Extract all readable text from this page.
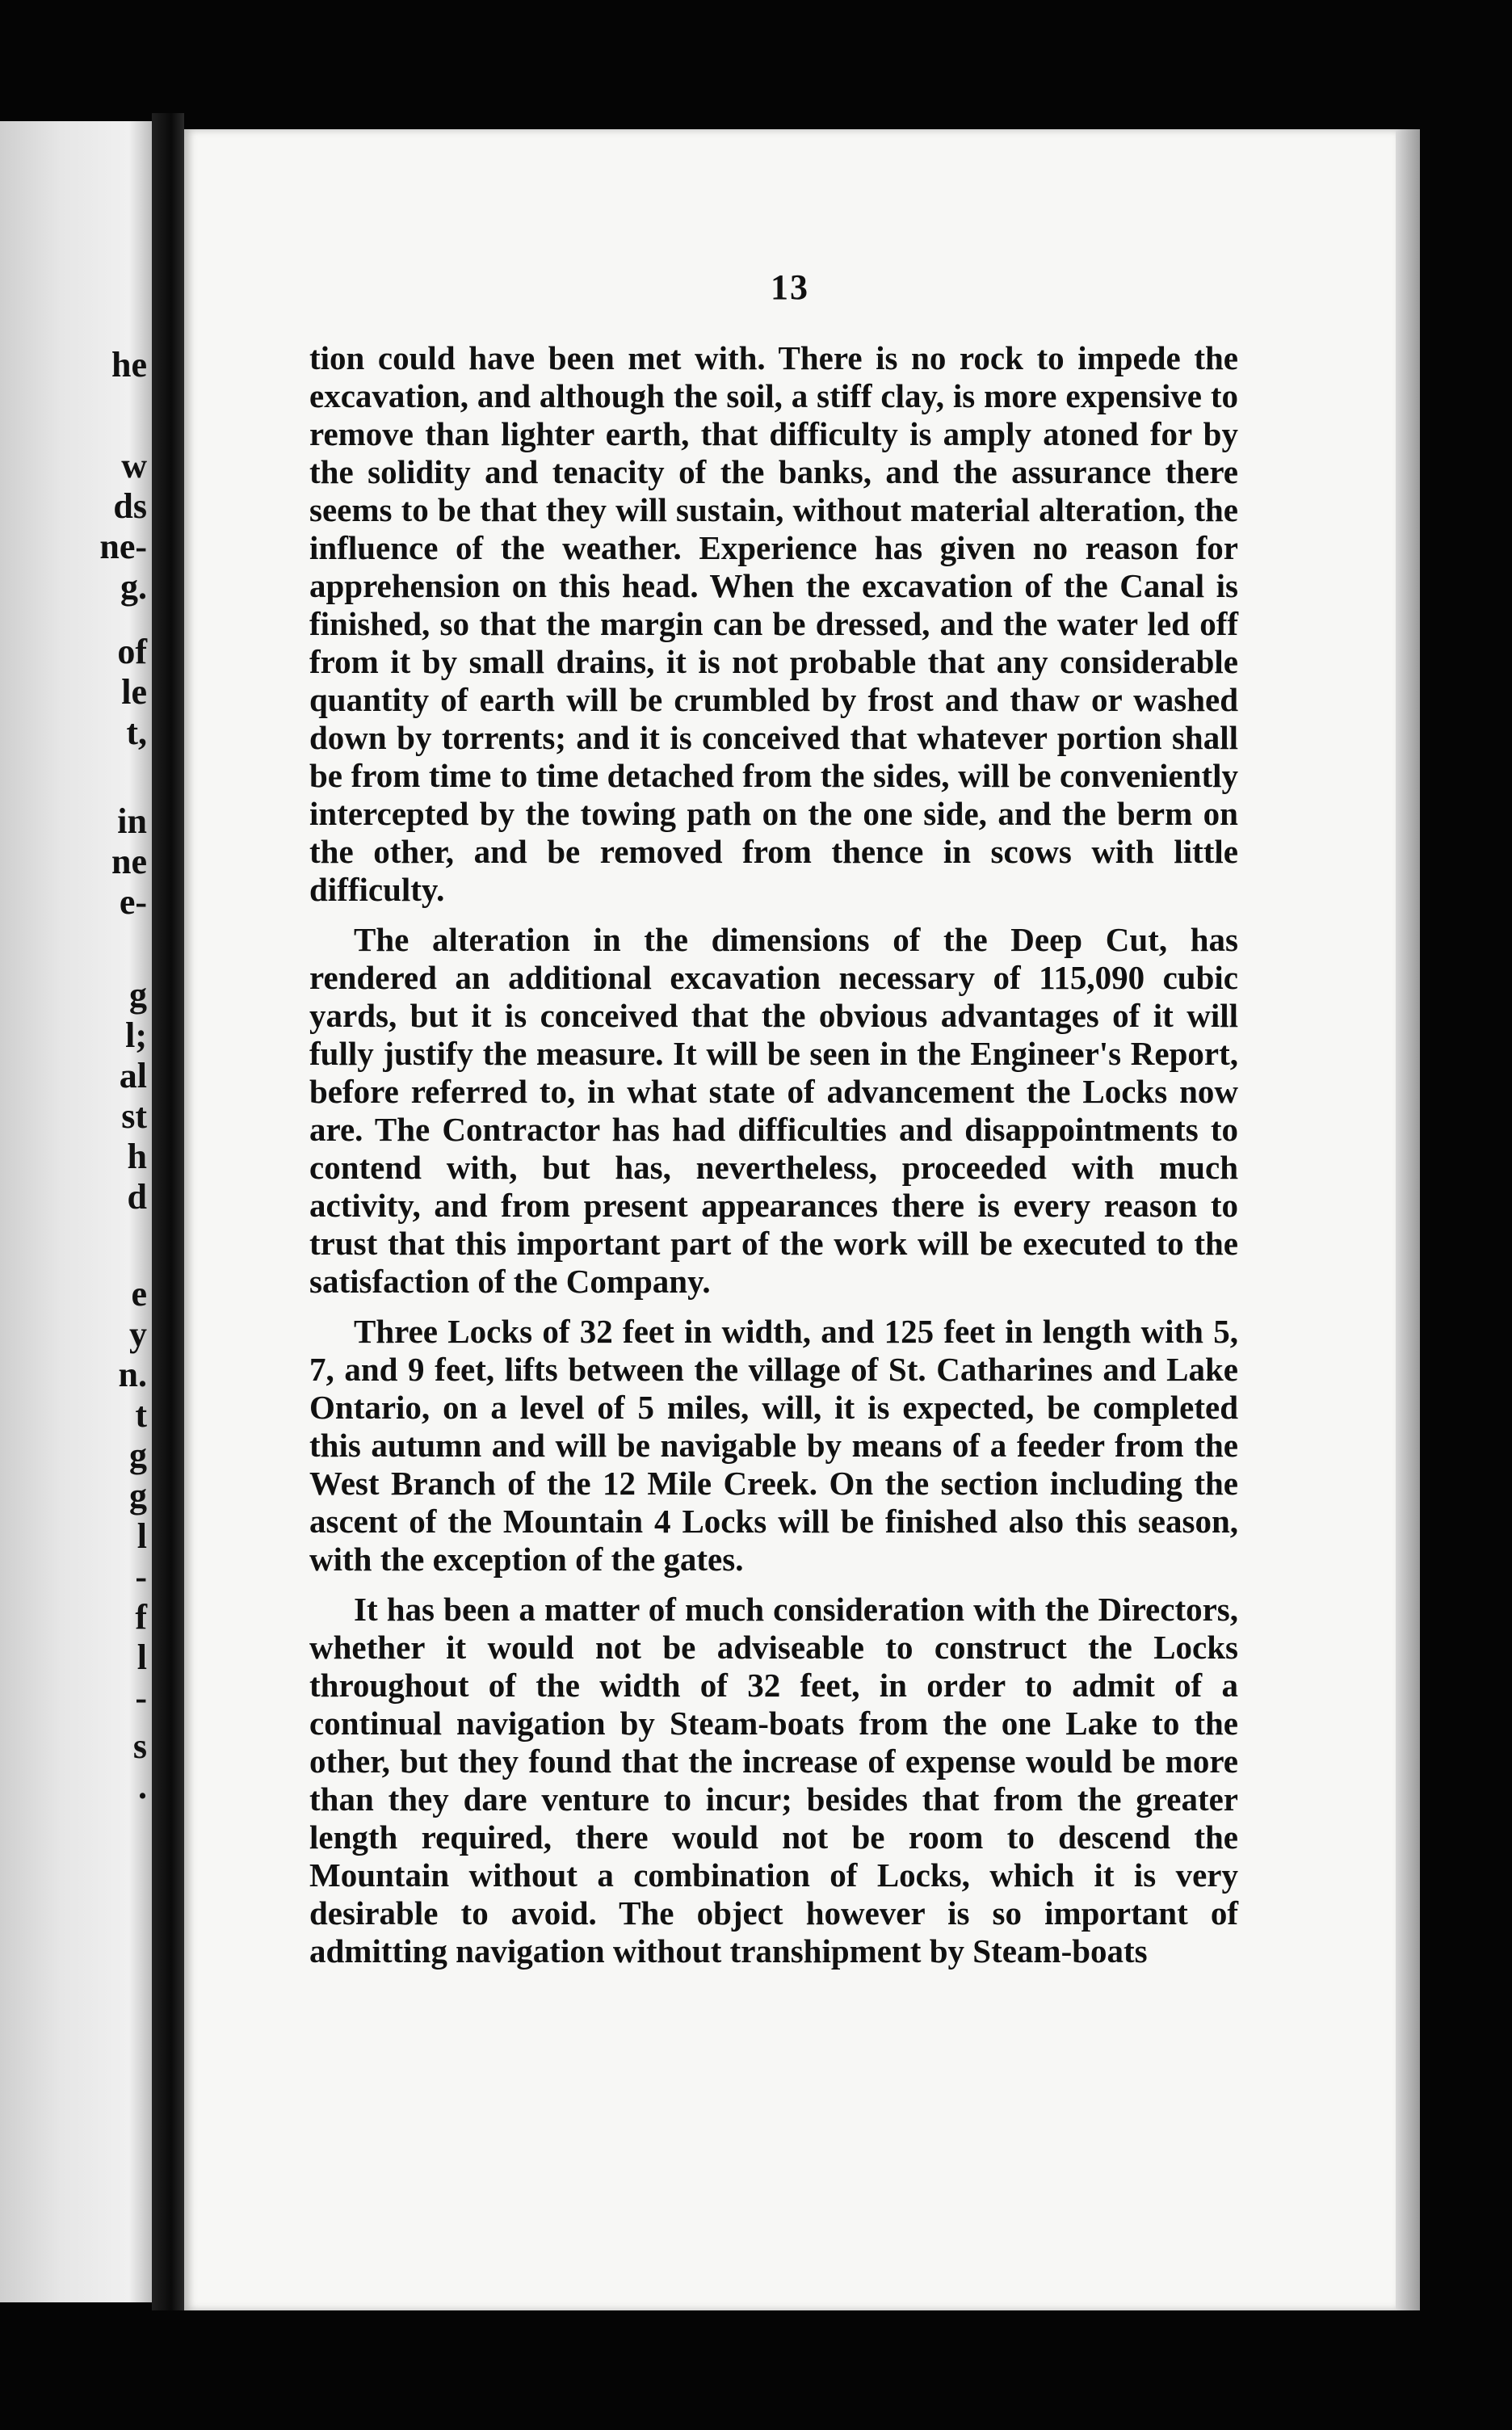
he
w
ds
ne-
g.
of
le
t,
in
ne
e-
g
l;
al
st
h
d
e
y
n.
t
g
g
l
-
f
l
-
s
.
13

tion could have been met with. There is no rock to impede the excavation, and although the soil, a stiff clay, is more expensive to remove than lighter earth, that difficulty is amply atoned for by the solidity and tenacity of the banks, and the assurance there seems to be that they will sustain, without material alteration, the influence of the weather. Experience has given no reason for apprehension on this head. When the excavation of the Canal is finished, so that the margin can be dressed, and the water led off from it by small drains, it is not probable that any considerable quantity of earth will be crumbled by frost and thaw or washed down by torrents; and it is conceived that whatever portion shall be from time to time detached from the sides, will be conveniently intercepted by the towing path on the one side, and the berm on the other, and be removed from thence in scows with little difficulty.

The alteration in the dimensions of the Deep Cut, has rendered an additional excavation necessary of 115,090 cubic yards, but it is conceived that the obvious advantages of it will fully justify the measure. It will be seen in the Engineer's Report, before referred to, in what state of advancement the Locks now are. The Contractor has had difficulties and disappointments to contend with, but has, nevertheless, proceeded with much activity, and from present appearances there is every reason to trust that this important part of the work will be executed to the satisfaction of the Company.

Three Locks of 32 feet in width, and 125 feet in length with 5, 7, and 9 feet, lifts between the village of St. Catharines and Lake Ontario, on a level of 5 miles, will, it is expected, be completed this autumn and will be navigable by means of a feeder from the West Branch of the 12 Mile Creek. On the section including the ascent of the Mountain 4 Locks will be finished also this season, with the exception of the gates.

It has been a matter of much consideration with the Directors, whether it would not be adviseable to construct the Locks throughout of the width of 32 feet, in order to admit of a continual navigation by Steam-boats from the one Lake to the other, but they found that the increase of expense would be more than they dare venture to incur; besides that from the greater length required, there would not be room to descend the Mountain without a combination of Locks, which it is very desirable to avoid. The object however is so important of admitting navigation without transhipment by Steam-boats
